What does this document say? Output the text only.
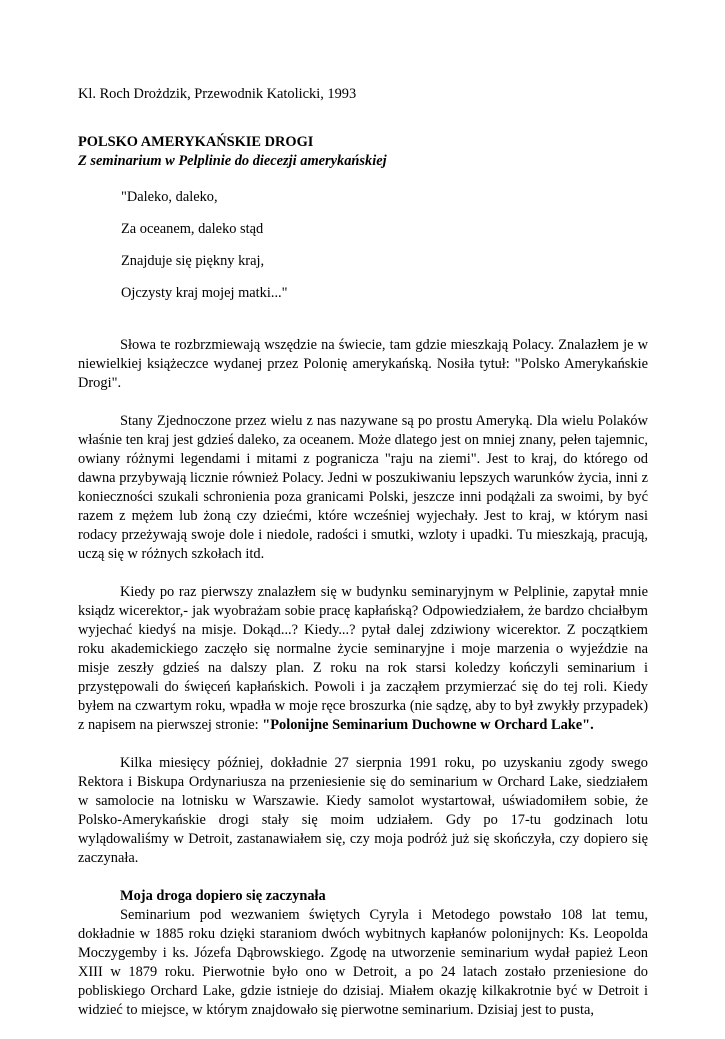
Kl. Roch Drożdzik, Przewodnik Katolicki, 1993

POLSKO AMERYKAŃSKIE DROGI
Z seminarium w Pelplinie do diecezji amerykańskiej

"Daleko, daleko,

Za oceanem, daleko stąd

Znajduje się piękny kraj,

Ojczysty kraj mojej matki..."

Słowa te rozbrzmiewają wszędzie na świecie, tam gdzie mieszkają Polacy. Znalazłem je w niewielkiej książeczce wydanej przez Polonię amerykańską. Nosiła tytuł: "Polsko Amerykańskie Drogi".

Stany Zjednoczone przez wielu z nas nazywane są po prostu Ameryką. Dla wielu Polaków właśnie ten kraj jest gdzieś daleko, za oceanem. Może dlatego jest on mniej znany, pełen tajemnic, owiany różnymi legendami i mitami z pogranicza "raju na ziemi". Jest to kraj, do którego od dawna przybywają licznie również Polacy. Jedni w poszukiwaniu lepszych warunków życia, inni z konieczności szukali schronienia poza granicami Polski, jeszcze inni podążali za swoimi, by być razem z mężem lub żoną czy dziećmi, które wcześniej wyjechały. Jest to kraj, w którym nasi rodacy przeżywają swoje dole i niedole, radości i smutki, wzloty i upadki. Tu mieszkają, pracują, uczą się w różnych szkołach itd.

Kiedy po raz pierwszy znalazłem się w budynku seminaryjnym w Pelplinie, zapytał mnie ksiądz wicerektor,- jak wyobrażam sobie pracę kapłańską? Odpowiedziałem, że bardzo chciałbym wyjechać kiedyś na misje. Dokąd...? Kiedy...? pytał dalej zdziwiony wicerektor. Z początkiem roku akademickiego zaczęło się normalne życie seminaryjne i moje marzenia o wyjeździe na misje zeszły gdzieś na dalszy plan. Z roku na rok starsi koledzy kończyli seminarium i przystępowali do święceń kapłańskich. Powoli i ja zacząłem przymierzać się do tej roli. Kiedy byłem na czwartym roku, wpadła w moje ręce broszurka (nie sądzę, aby to był zwykły przypadek) z napisem na pierwszej stronie: "Polonijne Seminarium Duchowne w Orchard Lake".

Kilka miesięcy później, dokładnie 27 sierpnia 1991 roku, po uzyskaniu zgody swego Rektora i Biskupa Ordynariusza na przeniesienie się do seminarium w Orchard Lake, siedziałem w samolocie na lotnisku w Warszawie. Kiedy samolot wystartował, uświadomiłem sobie, że Polsko-Amerykańskie drogi stały się moim udziałem. Gdy po 17-tu godzinach lotu wylądowaliśmy w Detroit, zastanawiałem się, czy moja podróż już się skończyła, czy dopiero się zaczynała.

Moja droga dopiero się zaczynała

Seminarium pod wezwaniem świętych Cyryla i Metodego powstało 108 lat temu, dokładnie w 1885 roku dzięki staraniom dwóch wybitnych kapłanów polonijnych: Ks. Leopolda Moczygemby i ks. Józefa Dąbrowskiego. Zgodę na utworzenie seminarium wydał papież Leon XIII w 1879 roku. Pierwotnie było ono w Detroit, a po 24 latach zostało przeniesione do pobliskiego Orchard Lake, gdzie istnieje do dzisiaj. Miałem okazję kilkakrotnie być w Detroit i widzieć to miejsce, w którym znajdowało się pierwotne seminarium. Dzisiaj jest to pusta,
